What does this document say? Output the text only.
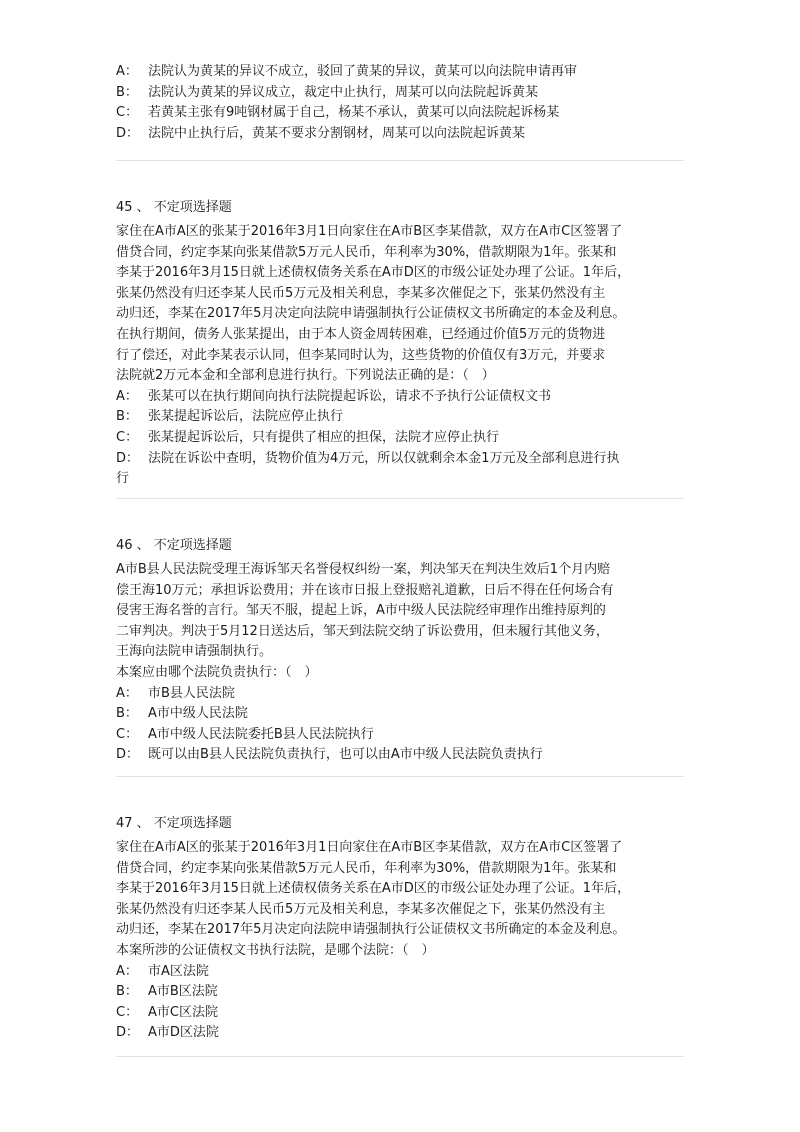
A： 法院认为黄某的异议不成立，驳回了黄某的异议，黄某可以向法院申请再审
B： 法院认为黄某的异议成立，裁定中止执行，周某可以向法院起诉黄某
C： 若黄某主张有9吨钢材属于自己，杨某不承认，黄某可以向法院起诉杨某
D： 法院中止执行后，黄某不要求分割钢材，周某可以向法院起诉黄某
45 、 不定项选择题
家住在A市A区的张某于2016年3月1日向家住在A市B区李某借款，双方在A市C区签署了
借贷合同，约定李某向张某借款5万元人民币，年利率为30%，借款期限为1年。张某和
李某于2016年3月15日就上述债权债务关系在A市D区的市级公证处办理了公证。1年后，
张某仍然没有归还李某人民币5万元及相关利息，李某多次催促之下，张某仍然没有主
动归还，李某在2017年5月决定向法院申请强制执行公证债权文书所确定的本金及利息。
在执行期间，债务人张某提出，由于本人资金周转困难，已经通过价值5万元的货物进
行了偿还，对此李某表示认同，但李某同时认为，这些货物的价值仅有3万元，并要求
法院就2万元本金和全部利息进行执行。下列说法正确的是：（　）
A： 张某可以在执行期间向执行法院提起诉讼，请求不予执行公证债权文书
B： 张某提起诉讼后，法院应停止执行
C： 张某提起诉讼后，只有提供了相应的担保，法院才应停止执行
D： 法院在诉讼中查明，货物价值为4万元，所以仅就剩余本金1万元及全部利息进行执
行
46 、 不定项选择题
A市B县人民法院受理王海诉邹天名誉侵权纠纷一案，判决邹天在判决生效后1个月内赔
偿王海10万元；承担诉讼费用；并在该市日报上登报赔礼道歉，日后不得在任何场合有
侵害王海名誉的言行。邹天不服，提起上诉，A市中级人民法院经审理作出维持原判的
二审判决。判决于5月12日送达后，邹天到法院交纳了诉讼费用，但未履行其他义务，
王海向法院申请强制执行。
本案应由哪个法院负责执行：（　）
A： 市B县人民法院
B： A市中级人民法院
C： A市中级人民法院委托B县人民法院执行
D： 既可以由B县人民法院负责执行，也可以由A市中级人民法院负责执行
47 、 不定项选择题
家住在A市A区的张某于2016年3月1日向家住在A市B区李某借款，双方在A市C区签署了
借贷合同，约定李某向张某借款5万元人民币，年利率为30%，借款期限为1年。张某和
李某于2016年3月15日就上述债权债务关系在A市D区的市级公证处办理了公证。1年后，
张某仍然没有归还李某人民币5万元及相关利息，李某多次催促之下，张某仍然没有主
动归还，李某在2017年5月决定向法院申请强制执行公证债权文书所确定的本金及利息。
本案所涉的公证债权文书执行法院，是哪个法院：（　）
A： 市A区法院
B： A市B区法院
C： A市C区法院
D： A市D区法院
